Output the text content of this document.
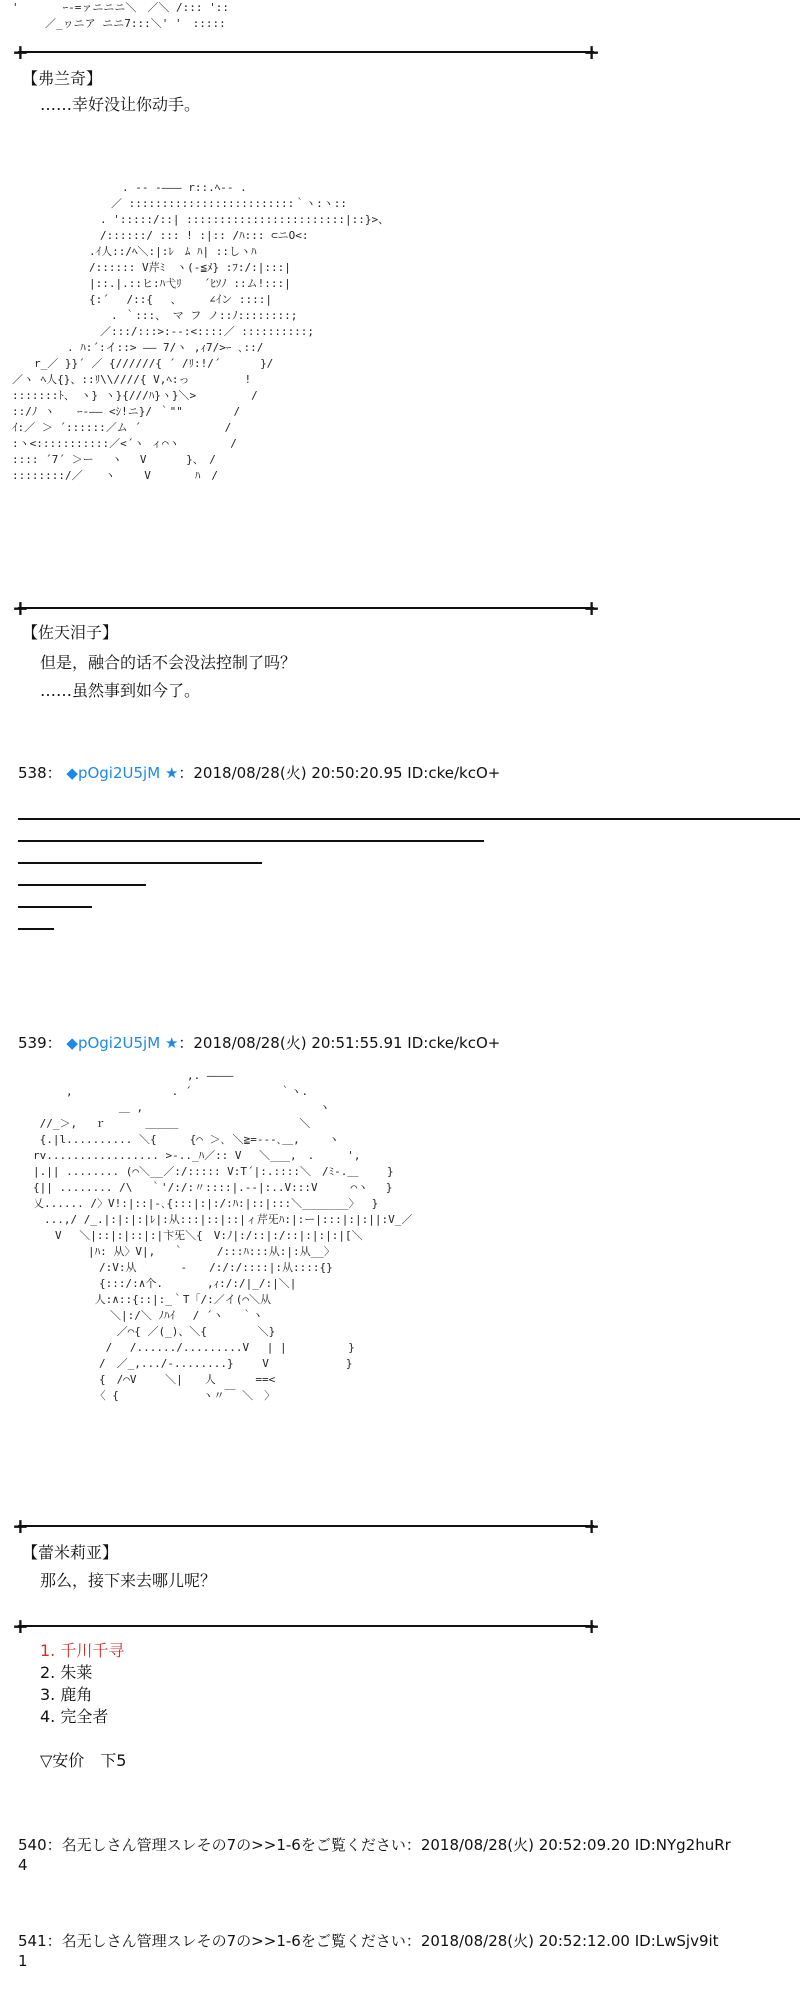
'　　　　ｰ-=ァニニニ＼　／＼ /::: '::
　　　／_ヮニア ニニ7:::＼' '　:::::
+	+
【弗兰奇】
……幸好没让你动手。
　　　　　　　　　　. -‐ ‐――― r::.ﾍ‐- .
　　　　　　　　　／ :::::::::::::::::::::::::｀ヽ:ヽ::
　　　　　　　　. ':::::/::| ::::::::::::::::::::::::|::}>、
　　　　　　　　/::::::/ ::: ! :|:: /ﾊ::: ⊂ニO<:
　　　　　　　.ｲ人::/ﾍ＼:|:ﾚ　ﾑ ﾊ| ::しヽﾊ
　　　　　　　/:::::: V芹ﾐ　ヽ(‐≦ﾒ} :ﾌ:/:|:::|
　　　　　　　|::.|.::ヒ:ﾊ弋ﾘ　　´ﾋｿﾉ ::ム!:::|
　　　　　　　{:´　 /::{　 、　　　∠ｲン ::::|
　　　　　　　　　. ｀:::、 マ フ ノ::ﾉ::::::::;
　　　　　　　　／:::/:::>:-‐:<::::／ ::::::::::;
　　　　　. ﾊ:´:イ::> ―― 7/ヽ ,ｨ7/>ｰ ､::/
　　r_／ }}´ ／ {//////{ ´ /ﾘ:!/´　　　 }/
／ヽ ﾍ人{}、::ﾘ\\////{ V,ﾍ:っ　　　　　!
:::::::ﾄ、　ヽ} ヽ}{///ﾊ}ヽ}＼>　　　　　/
::/ﾉ ヽ　　ｰ‐―― <ｼ!ニ}/ ｀""　　　　 /
ｲ:／ ＞ ´::::::／ム ´　　　　　　　 /
:ヽ<:::::::::::／<´ヽ ィ⌒ヽ　　　　 /
:::: ´7´ ＞ー　 ヽ　 V　　　 }、　/
::::::::/／　　ヽ　　 V　　　　ﾊ　/
+	+
【佐天泪子】
但是，融合的话不会没法控制了吗？
……虽然事到如今了。
538： ◆pOgi2U5jM ★：2018/08/28(火) 20:50:20.95 ID:cke/kcO+
539： ◆pOgi2U5jM ★：2018/08/28(火) 20:51:55.91 ID:cke/kcO+
　　　　　　　　　　　　　　　,. ――――
　　　　,　　　　　　　　　. ´　　　　　　　　｀ヽ.
　　　　　 　 　 ＿ ,　　　　　　　　　　　　　　　　ヽ
　 //_＞,　 ｒ　　　 ＿＿＿　　　　　　　　　　　＼
　 {.|l.......... ＼{　　　{⌒ ＞､ ＼≧=‐‐-､＿, 　　ヽ
　rv................. >-.._ﾊ／:: V 　＼___,　.　　　',
　|.|| ........ (⌒＼__／:/::::: V:T´|:.::::＼　/ﾐ-.＿　　 }
　{|| ........ /\　 ｀'/:/:〃::::|.‐-|:..V:::V　　　⌒ヽ　 }
　乂...... /〉V!:|::|-､{:::|:|:/:ﾊ:|::|:::＼_______〉　 }
　　...,/ /_.|:|:|:|ﾚ|:从:::|::|::|ィ芹旡ﾊ:|:ー|:::|:|:||:V_／
　　　V　 ＼|::|:|::|:|卞旡＼{　V:ﾉ|:/::|:/::|:|:|:|[＼
　　　　　　|ﾊ: 从〉V|,　 ｀　　　/:::ﾊ:::从:|:从__〉
　　　　　　　/:V:从　　　　-　　/:/:/::::|:从::::{}
　　　　　　　{:::/:∧个.　　　　,ｨ:/:/|_/:|＼|
　　　　　　 人:∧::{::|:_｀T「/:／イ(⌒＼从
　　　　　　　　＼|:/＼ ﾉﾊｲ 　/ ´ヽ　 ｀ヽ
　　　　　　　　 ／⌒{ ／(_)、＼{　　　　 ＼}
　　　　　　　 /　 /....../.........V　 | |　　　　　 }
　　　　　　　/　／_,.../‐........}　　 V　　　　　　　}
　　　　　　　{　/⌒V　　 ＼|　　人　　　 ==<
　　　　　　 〈 {　　　　　　　 ヽ〃￣ ＼　〉
+	+
【蕾米莉亚】
那么，接下来去哪儿呢？
+	+
1. 千川千寻
2. 朱莱
3. 鹿角
4. 完全者
▽安价　下5
540：名无しさん管理スレその7の>>1-6をご覧ください：2018/08/28(火) 20:52:09.20 ID:NYg2huRr
4
541：名无しさん管理スレその7の>>1-6をご覧ください：2018/08/28(火) 20:52:12.00 ID:LwSjv9it
1
